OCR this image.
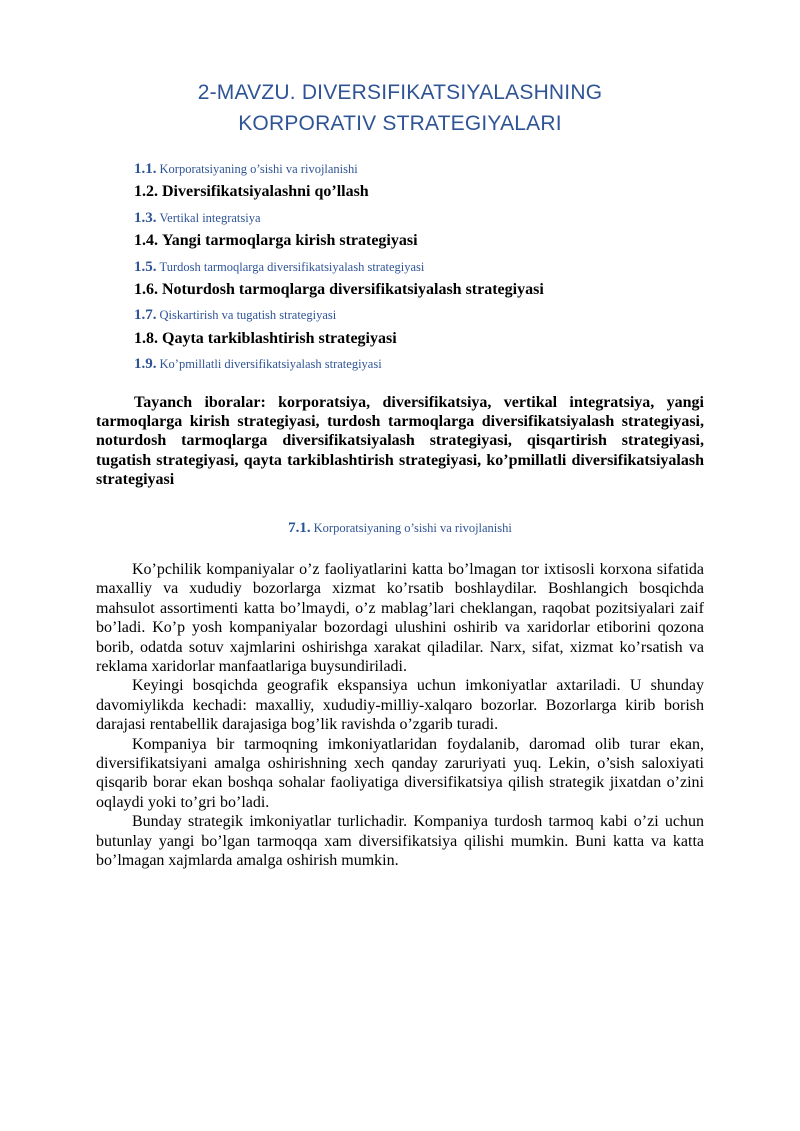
2-MAVZU. DIVERSIFIKATSIYALASHNING
KORPORATIV STRATEGIYALARI
1.1. Korporatsiyaning o’sishi va rivojlanishi
1.2. Diversifikatsiyalashni qo’llash
1.3. Vertikal integratsiya
1.4. Yangi tarmoqlarga kirish strategiyasi
1.5. Turdosh tarmoqlarga diversifikatsiyalash strategiyasi
1.6. Noturdosh tarmoqlarga diversifikatsiyalash strategiyasi
1.7. Qiskartirish va tugatish strategiyasi
1.8. Qayta tarkiblashtirish strategiyasi
1.9. Ko’pmillatli diversifikatsiyalash strategiyasi

Tayanch iboralar: korporatsiya, diversifikatsiya, vertikal integratsiya, yangi tarmoqlarga kirish strategiyasi, turdosh tarmoqlarga diversifikatsiyalash strategiyasi, noturdosh tarmoqlarga diversifikatsiyalash strategiyasi, qisqartirish strategiyasi, tugatish strategiyasi, qayta tarkiblashtirish strategiyasi, ko’pmillatli diversifikatsiyalash strategiyasi

7.1. Korporatsiyaning o’sishi va rivojlanishi

Ko’pchilik kompaniyalar o’z faoliyatlarini katta bo’lmagan tor ixtisosli korxona sifatida maxalliy va xududiy bozorlarga xizmat ko’rsatib boshlaydilar. Boshlangich bosqichda mahsulot assortimenti katta bo’lmaydi, o’z mablag’lari cheklangan, raqobat pozitsiyalari zaif bo’ladi. Ko’p yosh kompaniyalar bozordagi ulushini oshirib va xaridorlar etiborini qozona borib, odatda sotuv xajmlarini oshirishga xarakat qiladilar. Narx, sifat, xizmat ko’rsatish va reklama xaridorlar manfaatlariga buysundiriladi.

Keyingi bosqichda geografik ekspansiya uchun imkoniyatlar axtariladi. U shunday davomiylikda kechadi: maxalliy, xududiy-milliy-xalqaro bozorlar. Bozorlarga kirib borish darajasi rentabellik darajasiga bog’lik ravishda o’zgarib turadi.

Kompaniya bir tarmoqning imkoniyatlaridan foydalanib, daromad olib turar ekan, diversifikatsiyani amalga oshirishning xech qanday zaruriyati yuq. Lekin, o’sish saloxiyati qisqarib borar ekan boshqa sohalar faoliyatiga diversifikatsiya qilish strategik jixatdan o’zini oqlaydi yoki to’gri bo’ladi.

Bunday strategik imkoniyatlar turlichadir. Kompaniya turdosh tarmoq kabi o’zi uchun butunlay yangi bo’lgan tarmoqqa xam diversifikatsiya qilishi mumkin. Buni katta va katta bo’lmagan xajmlarda amalga oshirish mumkin.
